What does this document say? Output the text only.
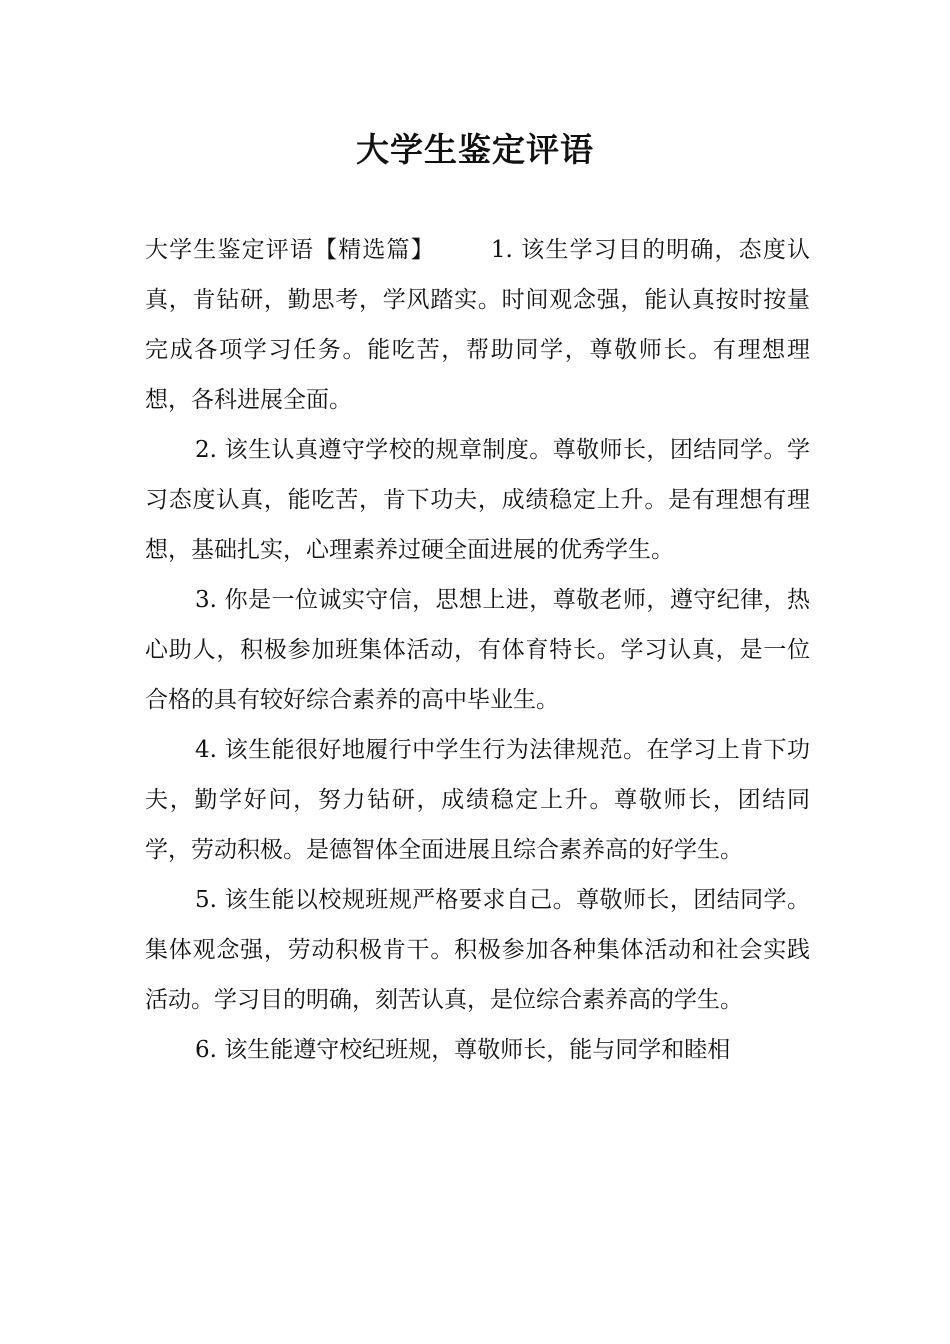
大学生鉴定评语

大学生鉴定评语【精选篇】 1. 该生学习目的明确，态度认真，肯钻研，勤思考，学风踏实。时间观念强，能认真按时按量完成各项学习任务。能吃苦，帮助同学，尊敬师长。有理想理想，各科进展全面。

2. 该生认真遵守学校的规章制度。尊敬师长，团结同学。学习态度认真，能吃苦，肯下功夫，成绩稳定上升。是有理想有理想，基础扎实，心理素养过硬全面进展的优秀学生。

3. 你是一位诚实守信，思想上进，尊敬老师，遵守纪律，热心助人，积极参加班集体活动，有体育特长。学习认真，是一位合格的具有较好综合素养的高中毕业生。

4. 该生能很好地履行中学生行为法律规范。在学习上肯下功夫，勤学好问，努力钻研，成绩稳定上升。尊敬师长，团结同学，劳动积极。是德智体全面进展且综合素养高的好学生。

5. 该生能以校规班规严格要求自己。尊敬师长，团结同学。集体观念强，劳动积极肯干。积极参加各种集体活动和社会实践活动。学习目的明确，刻苦认真，是位综合素养高的学生。

6. 该生能遵守校纪班规，尊敬师长，能与同学和睦相
